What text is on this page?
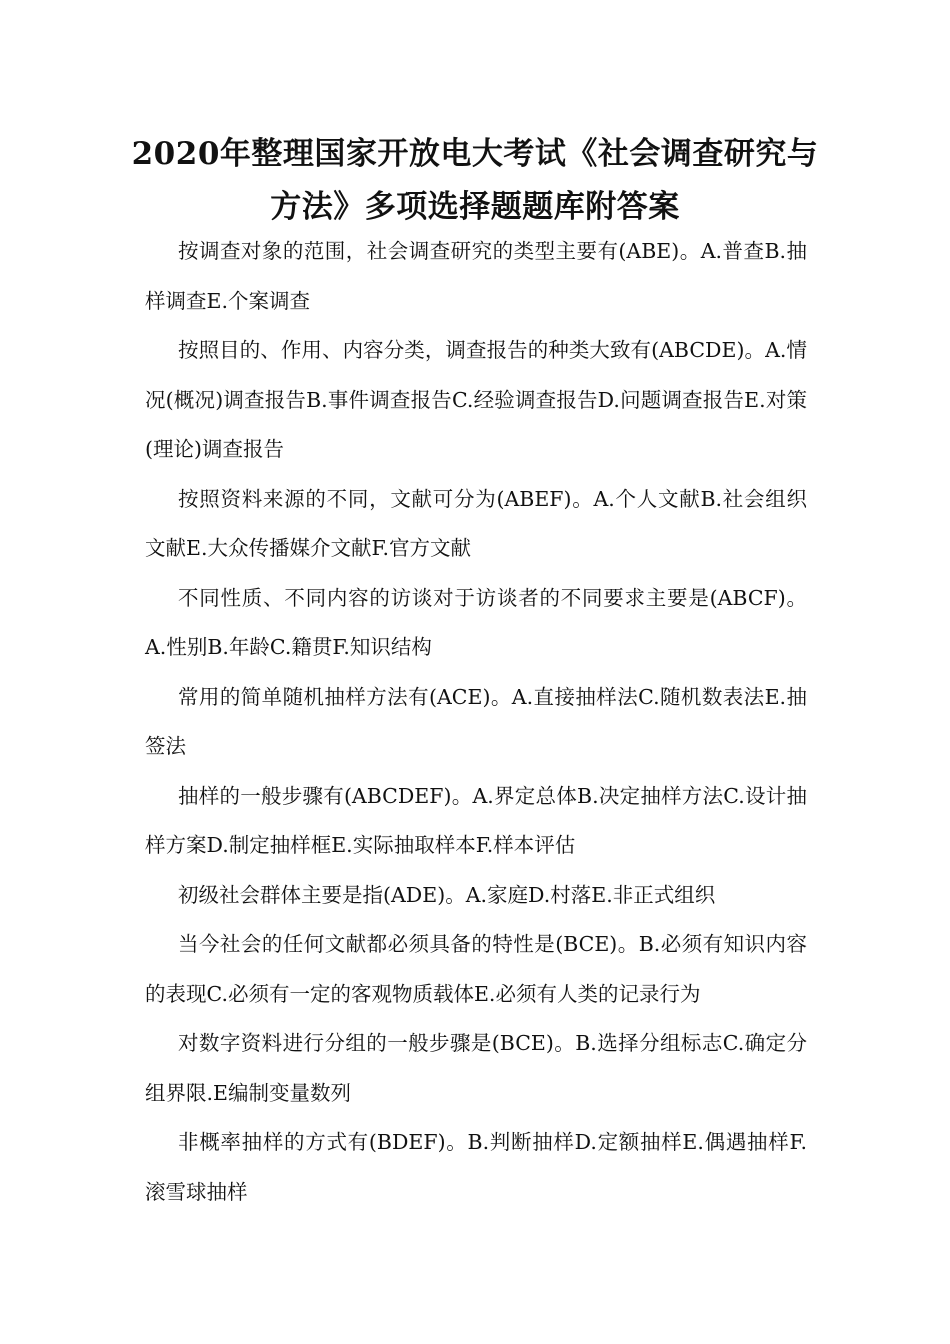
2020年整理国家开放电大考试《社会调查研究与方法》多项选择题题库附答案

按调查对象的范围，社会调查研究的类型主要有(ABE)。A.普查B.抽样调查E.个案调查

按照目的、作用、内容分类，调查报告的种类大致有(ABCDE)。A.情况(概况)调查报告B.事件调查报告C.经验调查报告D.问题调查报告E.对策(理论)调查报告

按照资料来源的不同，文献可分为(ABEF)。A.个人文献B.社会组织文献E.大众传播媒介文献F.官方文献

不同性质、不同内容的访谈对于访谈者的不同要求主要是(ABCF)。A.性别B.年龄C.籍贯F.知识结构

常用的简单随机抽样方法有(ACE)。A.直接抽样法C.随机数表法E.抽签法

抽样的一般步骤有(ABCDEF)。A.界定总体B.决定抽样方法C.设计抽样方案D.制定抽样框E.实际抽取样本F.样本评估

初级社会群体主要是指(ADE)。A.家庭D.村落E.非正式组织

当今社会的任何文献都必须具备的特性是(BCE)。B.必须有知识内容的表现C.必须有一定的客观物质载体E.必须有人类的记录行为

对数字资料进行分组的一般步骤是(BCE)。B.选择分组标志C.确定分组界限.E编制变量数列

非概率抽样的方式有(BDEF)。B.判断抽样D.定额抽样E.偶遇抽样F.滚雪球抽样
